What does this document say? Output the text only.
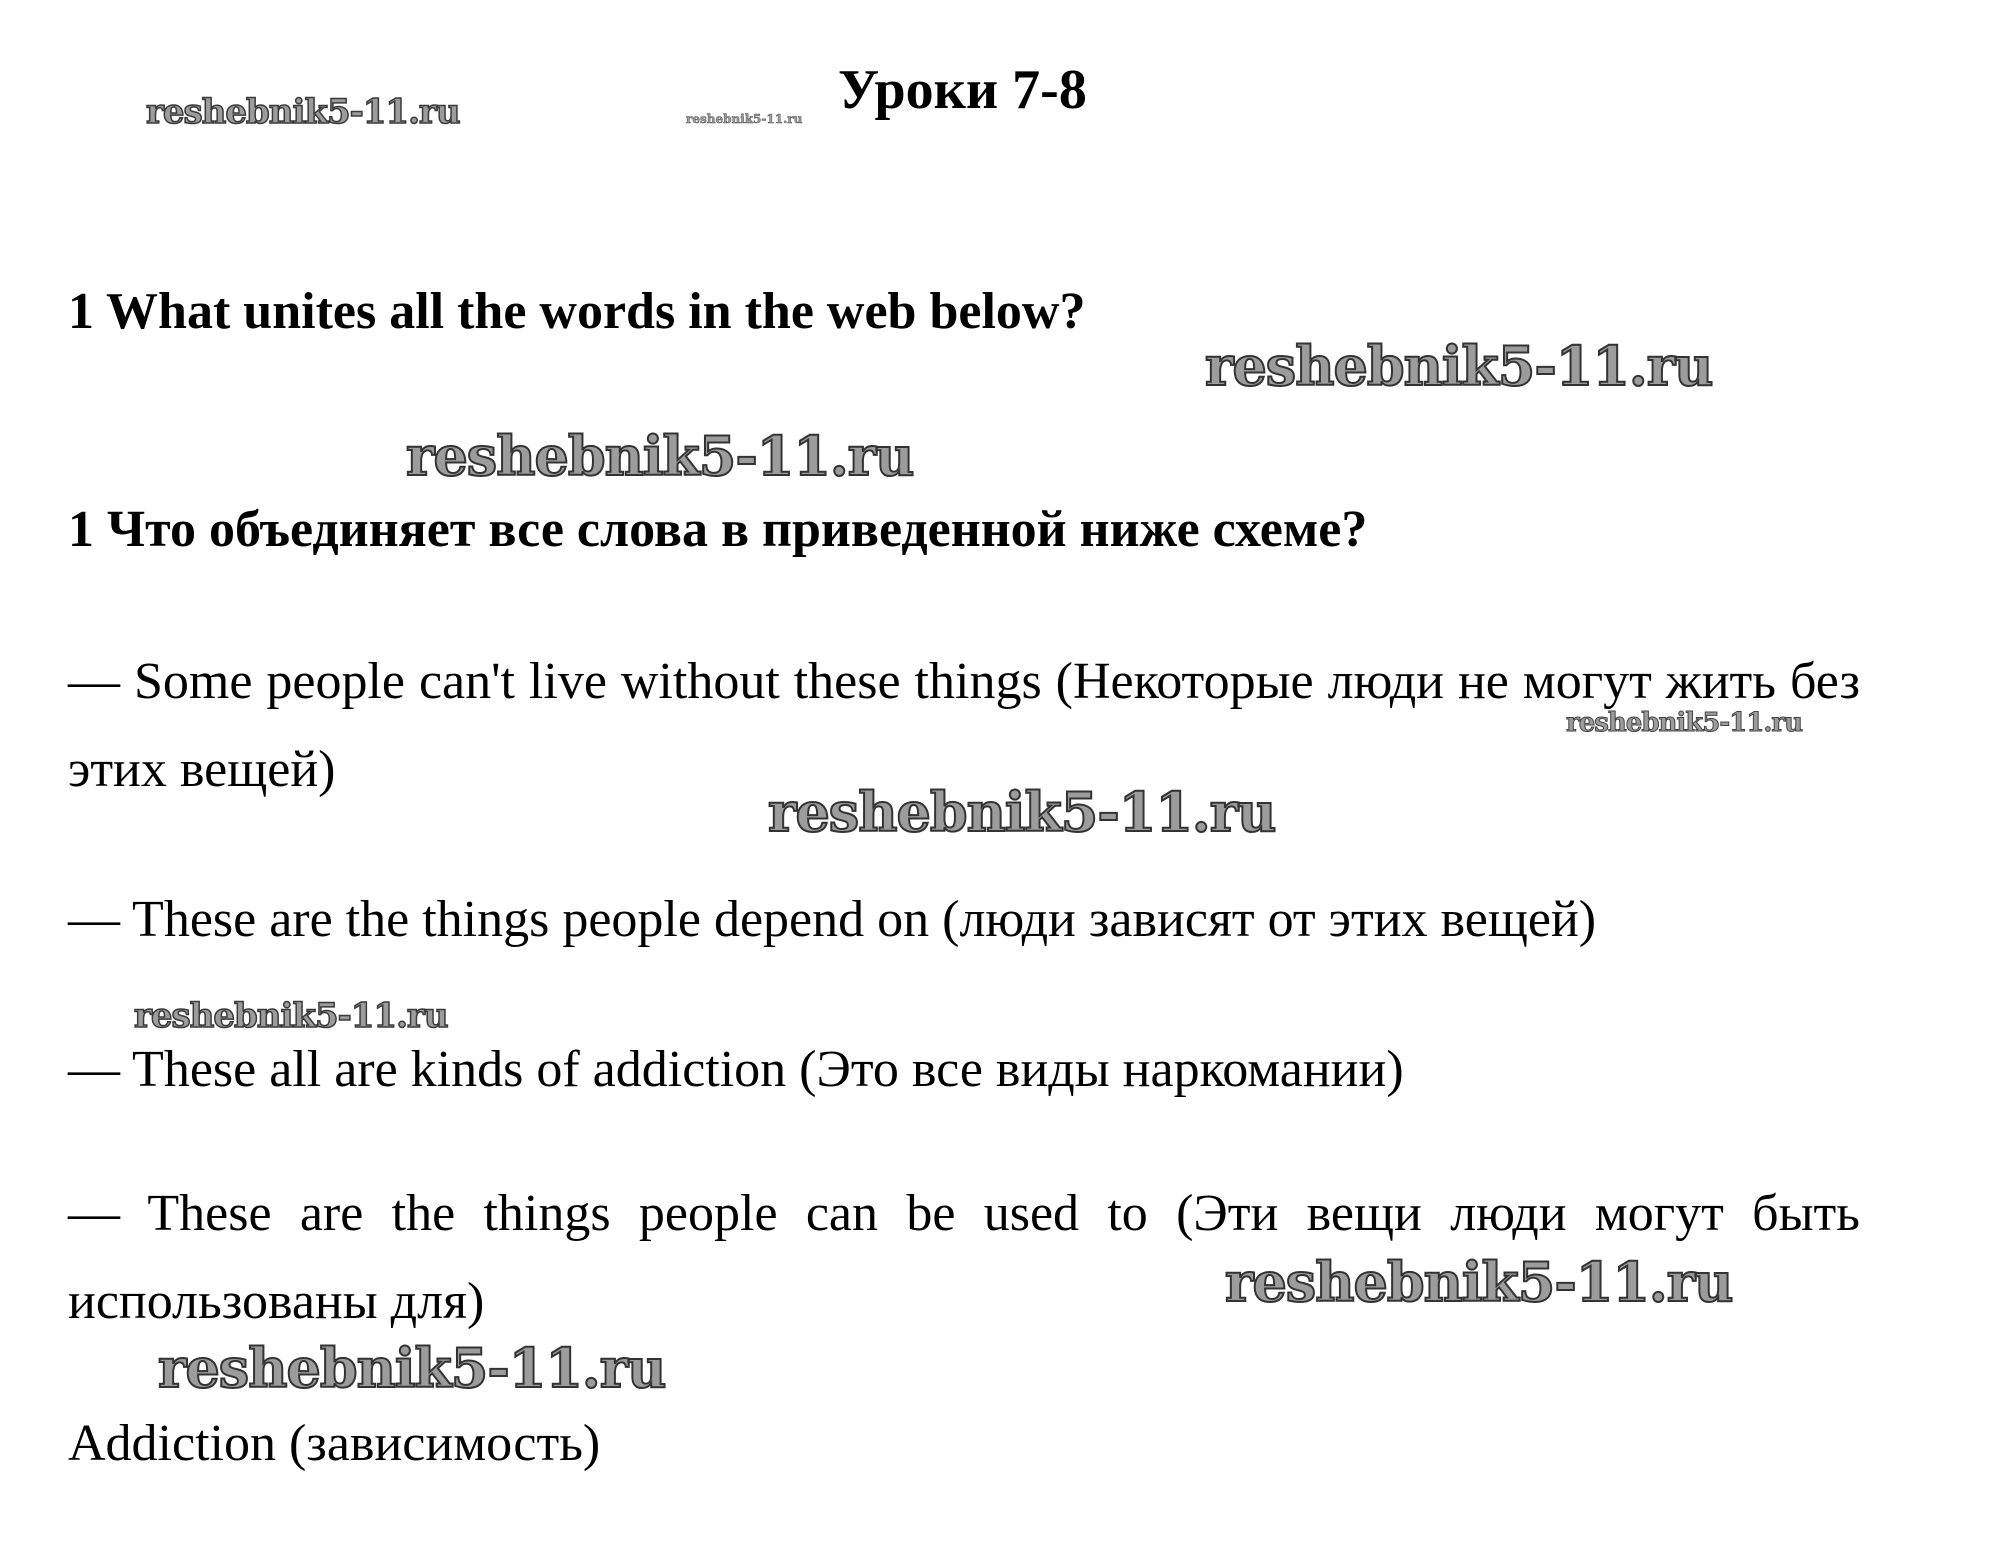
reshebnik5-11.ru	reshebnik5-11.ru Уроки 7-8
1 What unites all the words in the web below?
reshebnik5-11.ru
reshebnik5-11.ru
1 Что объединяет все слова в приведенной ниже схеме?
— Some people can't live without these things (Некоторые люди не могут жить без этих вещей)
reshebnik5-11.ru
reshebnik5-11.ru
— These are the things people depend on (люди зависят от этих вещей)
reshebnik5-11.ru
— These all are kinds of addiction (Это все виды наркомании)
— These are the things people can be used to (Эти вещи люди могут быть использованы для)	reshebnik5-11.ru
reshebnik5-11.ru
Addiction (зависимость)
